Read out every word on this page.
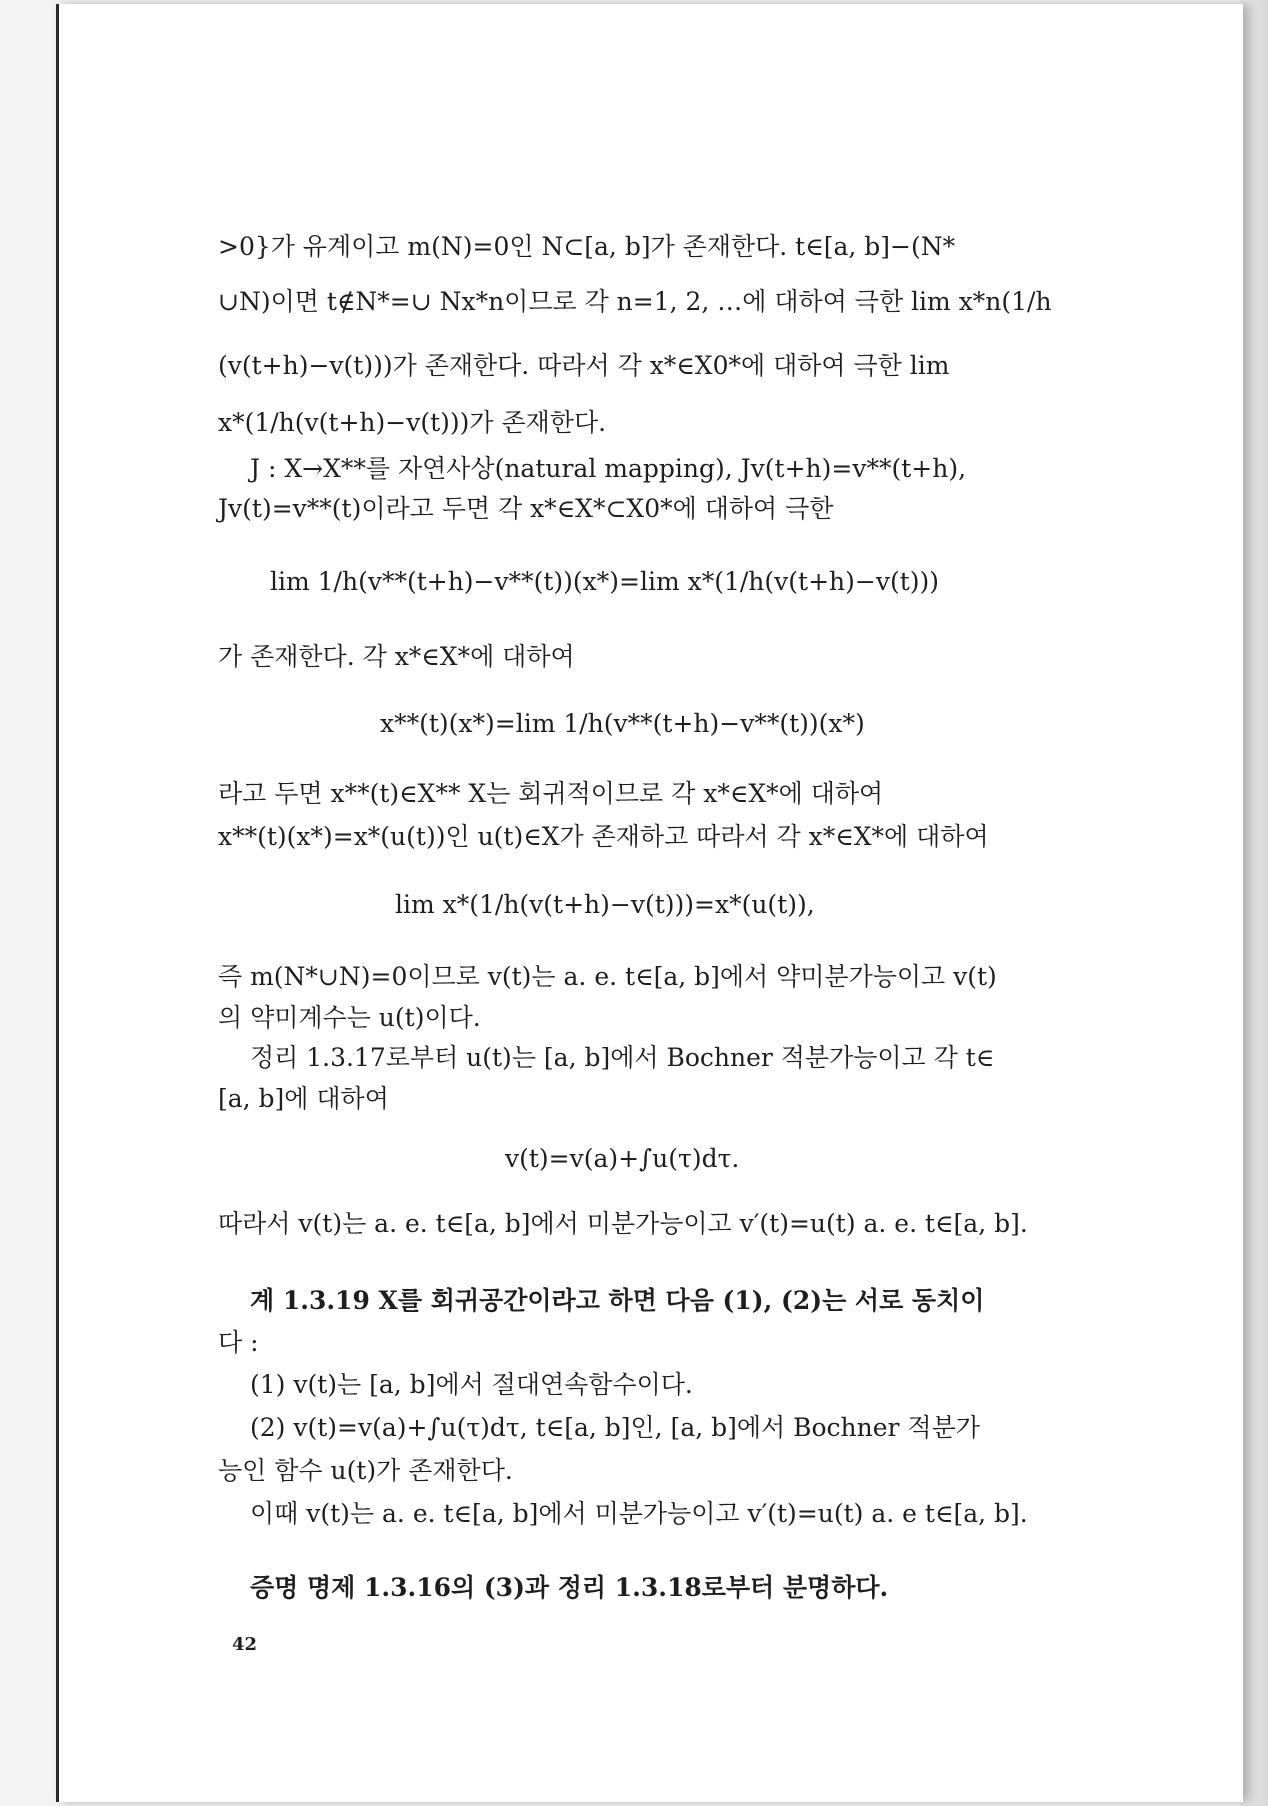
>0}가 유계이고 m(N)=0인 N⊂[a, b]가 존재한다. t∈[a, b]−(N*
∪N)이면 t∉N*=∪ Nx*n이므로 각 n=1, 2, …에 대하여 극한 lim x*n(1/h
(v(t+h)−v(t)))가 존재한다. 따라서 각 x*∈X0*에 대하여 극한 lim
x*(1/h(v(t+h)−v(t)))가 존재한다.
J : X→X**를 자연사상(natural mapping), Jv(t+h)=v**(t+h),
Jv(t)=v**(t)이라고 두면 각 x*∈X*⊂X0*에 대하여 극한
lim 1/h(v**(t+h)−v**(t))(x*)=lim x*(1/h(v(t+h)−v(t)))
가 존재한다. 각 x*∈X*에 대하여
x**(t)(x*)=lim 1/h(v**(t+h)−v**(t))(x*)
라고 두면 x**(t)∈X** X는 회귀적이므로 각 x*∈X*에 대하여
x**(t)(x*)=x*(u(t))인 u(t)∈X가 존재하고 따라서 각 x*∈X*에 대하여
lim x*(1/h(v(t+h)−v(t)))=x*(u(t)),
즉 m(N*∪N)=0이므로 v(t)는 a. e. t∈[a, b]에서 약미분가능이고 v(t)
의 약미계수는 u(t)이다.
정리 1.3.17로부터 u(t)는 [a, b]에서 Bochner 적분가능이고 각 t∈
[a, b]에 대하여
v(t)=v(a)+∫u(τ)dτ.
따라서 v(t)는 a. e. t∈[a, b]에서 미분가능이고 v′(t)=u(t) a. e. t∈[a, b].
계 1.3.19 X를 회귀공간이라고 하면 다음 (1), (2)는 서로 동치이
다 :
(1) v(t)는 [a, b]에서 절대연속함수이다.
(2) v(t)=v(a)+∫u(τ)dτ, t∈[a, b]인, [a, b]에서 Bochner 적분가
능인 함수 u(t)가 존재한다.
이때 v(t)는 a. e. t∈[a, b]에서 미분가능이고 v′(t)=u(t) a. e t∈[a, b].
증명 명제 1.3.16의 (3)과 정리 1.3.18로부터 분명하다.
42
